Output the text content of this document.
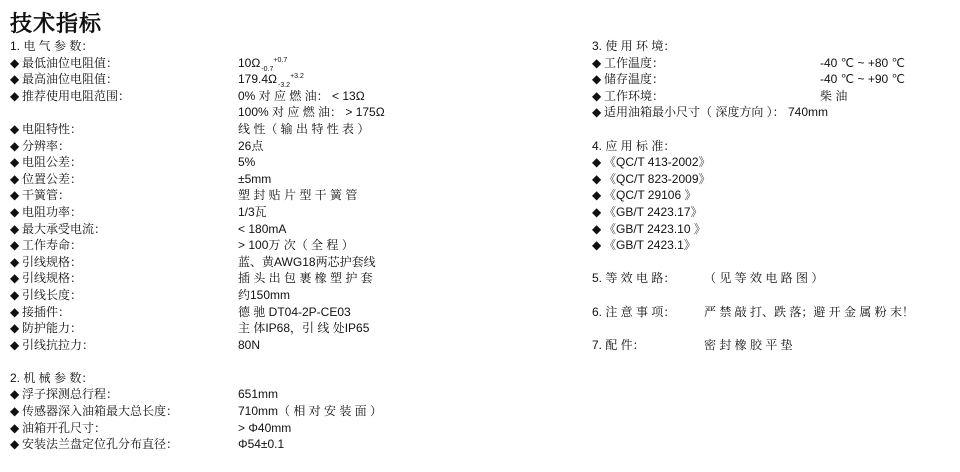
技术指标
1. 电 气 参 数：
◆ 最低油位电阻值：	$10\Omega_{-0.7}^{+0.7}$
◆ 最高油位电阻值：	$179.4\Omega_{-3.2}^{+3.2}$
◆ 推荐使用电阻范围：	0% 对 应 燃 油： < 13Ω
100% 对 应 燃 油： > 175Ω
◆ 电阻特性：	线 性（ 输 出 特 性 表 ）
◆ 分辨率：	26点
◆ 电阻公差：	5%
◆ 位置公差：	±5mm
◆ 干簧管：	塑 封 贴 片 型 干 簧 管
◆ 电阻功率：	1/3瓦
◆ 最大承受电流：	< 180mA
◆ 工作寿命：	> 100万 次（ 全 程 ）
◆ 引线规格：	蓝、黄AWG18两芯护套线
◆ 引线规格：	插 头 出 包 裹 橡 塑 护 套
◆ 引线长度：	约150mm
◆ 接插件：	德 驰 DT04-2P-CE03
◆ 防护能力：	主 体IP68，引 线 处IP65
◆ 引线抗拉力：	80N
2. 机 械 参 数：
◆ 浮子探测总行程：	651mm
◆ 传感器深入油箱最大总长度：	710mm（ 相 对 安 装 面 ）
◆ 油箱开孔尺寸：	> Φ40mm
◆ 安装法兰盘定位孔分布直径：	Φ54±0.1
3. 使 用 环 境：
◆ 工作温度：	-40 ℃ ~ +80 ℃
◆ 储存温度：	-40 ℃ ~ +90 ℃
◆ 工作环境：	柴 油
◆ 适用油箱最小尺寸（ 深度方向 ）： 740mm
4. 应 用 标 准：
◆ 《QC/T 413-2002》
◆ 《QC/T 823-2009》
◆ 《QC/T 29106 》
◆ 《GB/T 2423.17》
◆ 《GB/T 2423.10 》
◆ 《GB/T 2423.1》
5. 等 效 电 路： （ 见 等 效 电 路 图 ）
6. 注 意 事 项： 严 禁 敲 打、跌 落；避 开 金 属 粉 末！
7. 配 件：	密 封 橡 胶 平 垫
